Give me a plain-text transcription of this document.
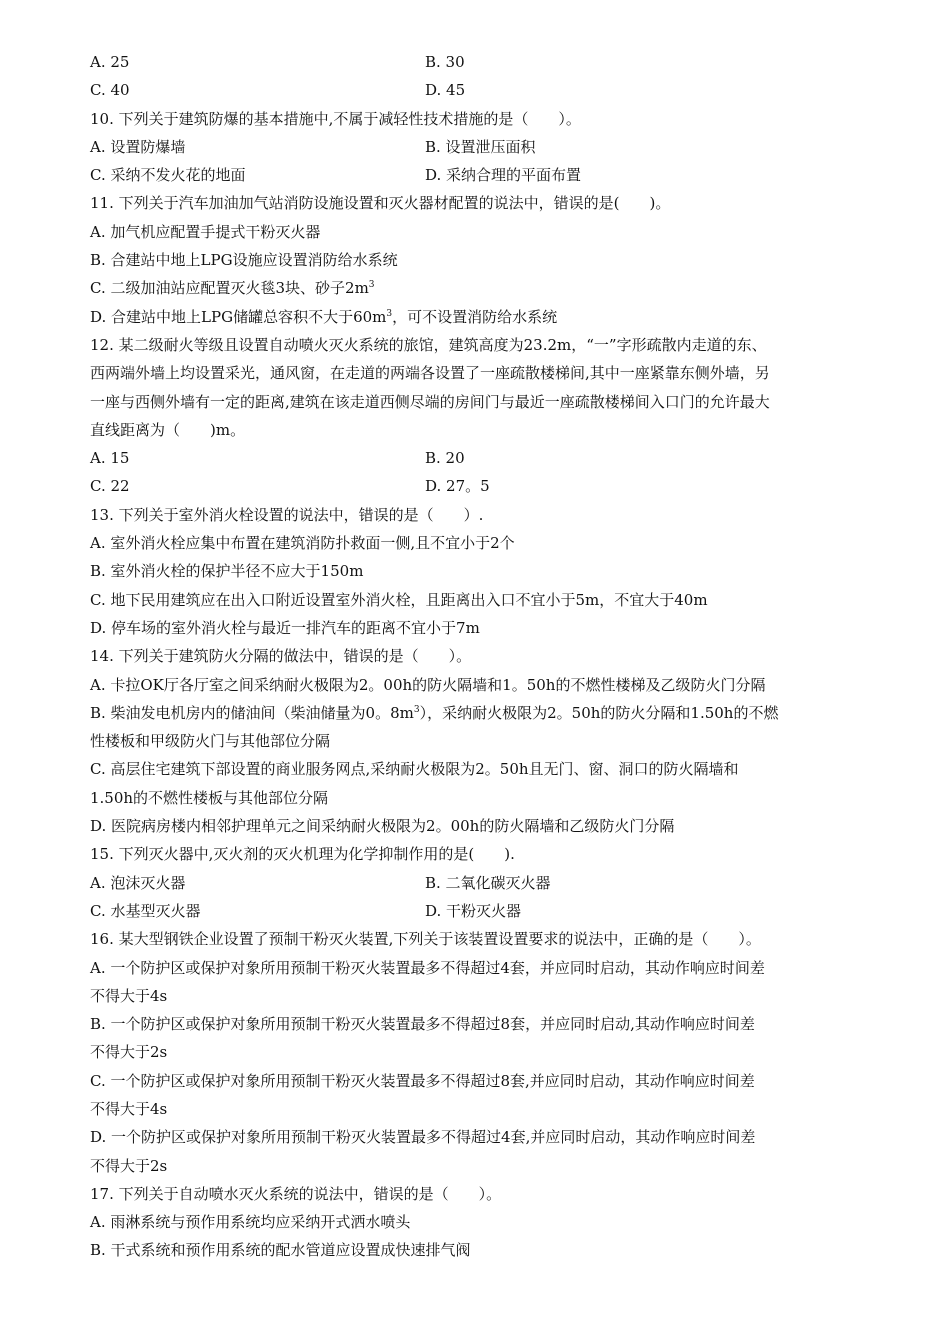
A. 25	B. 30
C. 40	D. 45
10. 下列关于建筑防爆的基本措施中,不属于减轻性技术措施的是（　　）。
A. 设置防爆墙	B. 设置泄压面积
C. 采纳不发火花的地面	D. 采纳合理的平面布置
11. 下列关于汽车加油加气站消防设施设置和灭火器材配置的说法中，错误的是(　　)。
A. 加气机应配置手提式干粉灭火器
B. 合建站中地上LPG设施应设置消防给水系统
C. 二级加油站应配置灭火毯3块、砂子$2m^3$
D. 合建站中地上LPG储罐总容积不大于$60m^3$，可不设置消防给水系统
12. 某二级耐火等级且设置自动喷火灭火系统的旅馆，建筑高度为23.2m，“一”字形疏散内走道的东、
西两端外墙上均设置采光，通风窗，在走道的两端各设置了一座疏散楼梯间,其中一座紧靠东侧外墙，另
一座与西侧外墙有一定的距离,建筑在该走道西侧尽端的房间门与最近一座疏散楼梯间入口门的允许最大
直线距离为（　　)m。
A. 15	B. 20
C. 22	D. 27。5
13. 下列关于室外消火栓设置的说法中，错误的是（　　）.
A. 室外消火栓应集中布置在建筑消防扑救面一侧,且不宜小于2个
B. 室外消火栓的保护半径不应大于150m
C. 地下民用建筑应在出入口附近设置室外消火栓，且距离出入口不宜小于5m，不宜大于40m
D. 停车场的室外消火栓与最近一排汽车的距离不宜小于7m
14. 下列关于建筑防火分隔的做法中，错误的是（　　）。
A. 卡拉OK厅各厅室之间采纳耐火极限为2。00h的防火隔墙和1。50h的不燃性楼梯及乙级防火门分隔
B. 柴油发电机房内的储油间（柴油储量为0。$8m^3$），采纳耐火极限为2。50h的防火分隔和1.50h的不燃
性楼板和甲级防火门与其他部位分隔
C. 高层住宅建筑下部设置的商业服务网点,采纳耐火极限为2。50h且无门、窗、洞口的防火隔墙和
1.50h的不燃性楼板与其他部位分隔
D. 医院病房楼内相邻护理单元之间采纳耐火极限为2。00h的防火隔墙和乙级防火门分隔
15. 下列灭火器中,灭火剂的灭火机理为化学抑制作用的是(　　).
A. 泡沫灭火器	B. 二氧化碳灭火器
C. 水基型灭火器	D. 干粉灭火器
16. 某大型钢铁企业设置了预制干粉灭火装置,下列关于该装置设置要求的说法中，正确的是（　　）。
A. 一个防护区或保护对象所用预制干粉灭火装置最多不得超过4套，并应同时启动，其动作响应时间差
不得大于4s
B. 一个防护区或保护对象所用预制干粉灭火装置最多不得超过8套，并应同时启动,其动作响应时间差
不得大于2s
C. 一个防护区或保护对象所用预制干粉灭火装置最多不得超过8套,并应同时启动，其动作响应时间差
不得大于4s
D. 一个防护区或保护对象所用预制干粉灭火装置最多不得超过4套,并应同时启动，其动作响应时间差
不得大于2s
17. 下列关于自动喷水灭火系统的说法中，错误的是（　　）。
A. 雨淋系统与预作用系统均应采纳开式洒水喷头
B. 干式系统和预作用系统的配水管道应设置成快速排气阀
